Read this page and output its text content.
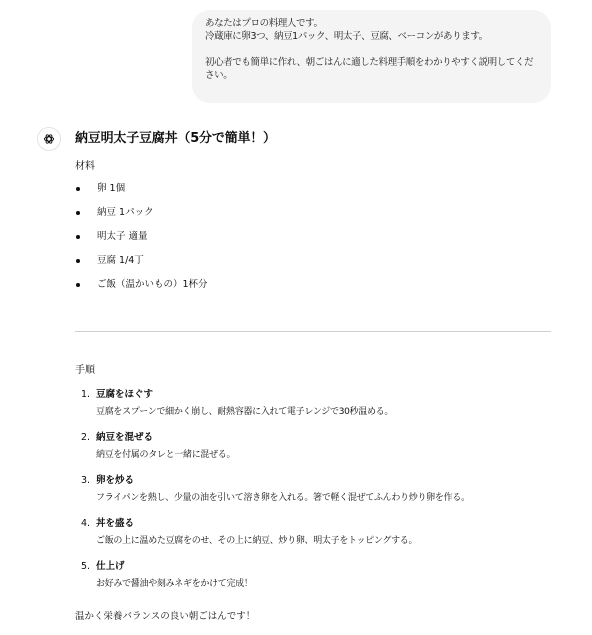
あなたはプロの料理人です。
冷蔵庫に卵3つ、納豆1パック、明太子、豆腐、ベーコンがあります。
初心者でも簡単に作れ、朝ごはんに適した料理手順をわかりやすく説明してください。
納豆明太子豆腐丼（5分で簡単！）
材料
卵 1個
納豆 1パック
明太子 適量
豆腐 1/4丁
ご飯（温かいもの）1杯分
手順
1. 豆腐をほぐす
豆腐をスプーンで細かく崩し、耐熱容器に入れて電子レンジで30秒温める。
2. 納豆を混ぜる
納豆を付属のタレと一緒に混ぜる。
3. 卵を炒る
フライパンを熱し、少量の油を引いて溶き卵を入れる。箸で軽く混ぜてふんわり炒り卵を作る。
4. 丼を盛る
ご飯の上に温めた豆腐をのせ、その上に納豆、炒り卵、明太子をトッピングする。
5. 仕上げ
お好みで醤油や刻みネギをかけて完成！
温かく栄養バランスの良い朝ごはんです！
